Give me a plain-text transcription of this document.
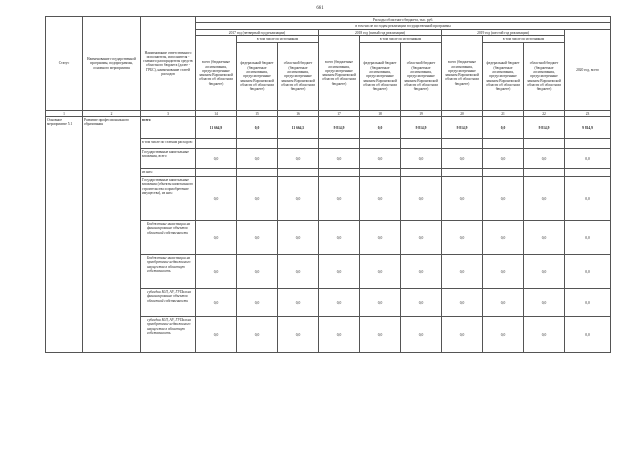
661
Статус	Наименование государственной программы, подпрограммы, основного мероприятия	Наименование ответственного исполнителя, исполнителя - главного распорядителя средств областного бюджета (далее - ГРБС), наименование статей расходов	Расходы областного бюджета, тыс. руб.									
			в том числе по годам реализации государственной программы									
			2017 год (четвертый год реализации)			2018 год (пятый год реализации)			2019 год (шестой год реализации)			2020 год, всего
			всего (бюджетные ассигнования, предусмотренные законом Воронежской области об областном бюджете)	в том числе по источникам		всего (бюджетные ассигнования, предусмотренные законом Воронежской области об областном бюджете)	в том числе по источникам		всего (бюджетные ассигнования, предусмотренные законом Воронежской области об областном бюджете)	в том числе по источникам		
				федеральный бюджет (бюджетные ассигнования, предусмотренные законом Воронежской области об областном бюджете)	областной бюджет (бюджетные ассигнования, предусмотренные законом Воронежской области об областном бюджете)		федеральный бюджет (бюджетные ассигнования, предусмотренные законом Воронежской области об областном бюджете)	областной бюджет (бюджетные ассигнования, предусмотренные законом Воронежской области об областном бюджете)		федеральный бюджет (бюджетные ассигнования, предусмотренные законом Воронежской области об областном бюджете)	областной бюджет (бюджетные ассигнования, предусмотренные законом Воронежской области об областном бюджете)	
1	2	3	14	15	16	17	18	19	20	21	22	23
Основное мероприятие 5.1	Развитие профессионального образования	всего	11 664,9	0,0	11 664,5	9 814,9	0,0	9 814,9	9 814,9	0,0	9 814,9	9 814,9
		в том числе по статьям расходов:										
		Государственные капитальные вложения, всего	0,0	0,0	0,0	0,0	0,0	0,0	0,0	0,0	0,0	0,0
		из них:										
		Государственные капитальные вложения (объекты капитального строительства и приобретение имущества), из них:	0,0	0,0	0,0	0,0	0,0	0,0	0,0	0,0	0,0	0,0
		Бюджетные инвестиции на финансирование объектов областной собственности	0,0	0,0	0,0	0,0	0,0	0,0	0,0	0,0	0,0	0,0
		Бюджетные инвестиции на приобретение недвижимого имущества в областную собственность	0,0	0,0	0,0	0,0	0,0	0,0	0,0	0,0	0,0	0,0
		субсидии ЮЛ, АУ, ГУПам на финансирование объектов областной собственности	0,0	0,0	0,0	0,0	0,0	0,0	0,0	0,0	0,0	0,0
		субсидии ЮЛ, АУ, ГУПам на приобретение недвижимого имущества в областную собственность	0,0	0,0	0,0	0,0	0,0	0,0	0,0	0,0	0,0	0,0
